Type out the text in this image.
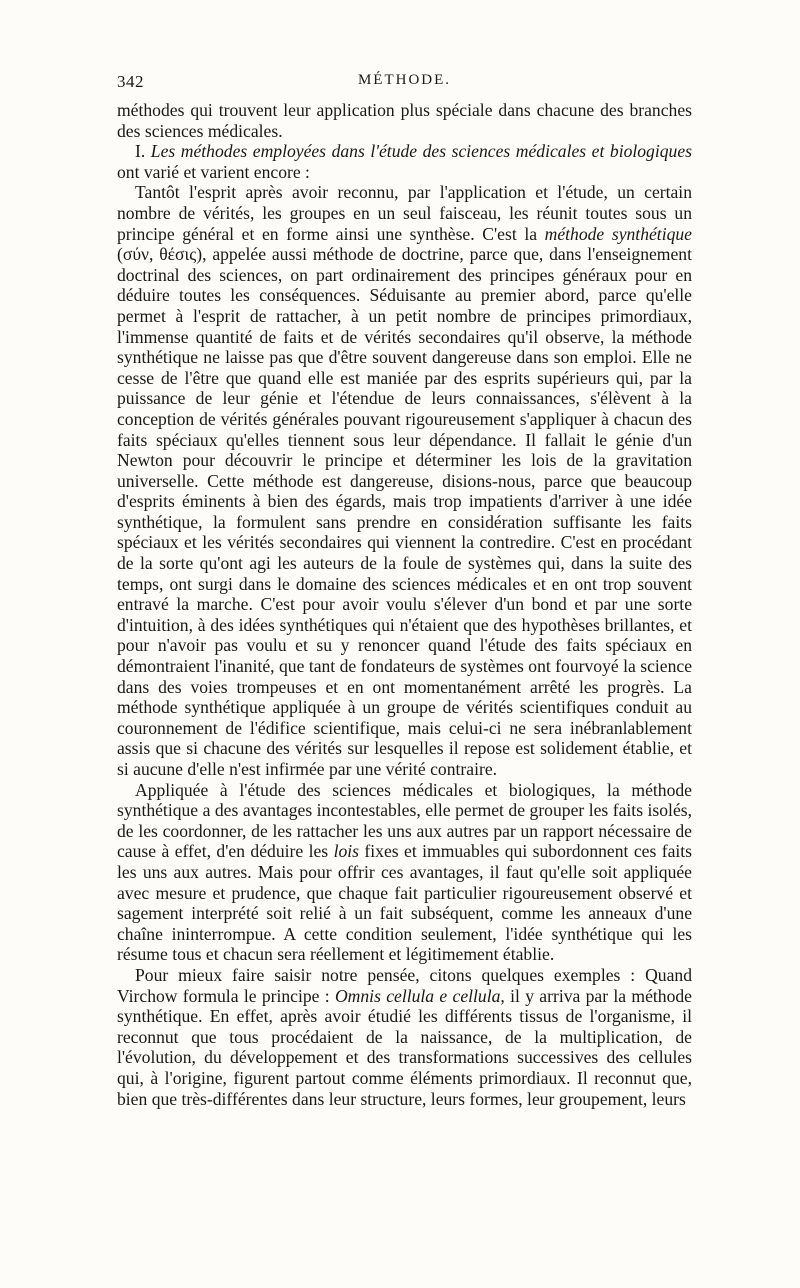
342	MÉTHODE.

méthodes qui trouvent leur application plus spéciale dans chacune des branches des sciences médicales.

I. Les méthodes employées dans l'étude des sciences médicales et biologiques ont varié et varient encore :

Tantôt l'esprit après avoir reconnu, par l'application et l'étude, un certain nombre de vérités, les groupes en un seul faisceau, les réunit toutes sous un principe général et en forme ainsi une synthèse. C'est la méthode synthétique (σύν, θέσις), appelée aussi méthode de doctrine, parce que, dans l'enseignement doctrinal des sciences, on part ordinairement des principes généraux pour en déduire toutes les conséquences. Séduisante au premier abord, parce qu'elle permet à l'esprit de rattacher, à un petit nombre de principes primordiaux, l'immense quantité de faits et de vérités secondaires qu'il observe, la méthode synthétique ne laisse pas que d'être souvent dangereuse dans son emploi. Elle ne cesse de l'être que quand elle est maniée par des esprits supérieurs qui, par la puissance de leur génie et l'étendue de leurs connaissances, s'élèvent à la conception de vérités générales pouvant rigoureusement s'appliquer à chacun des faits spéciaux qu'elles tiennent sous leur dépendance. Il fallait le génie d'un Newton pour découvrir le principe et déterminer les lois de la gravitation universelle. Cette méthode est dangereuse, disions-nous, parce que beaucoup d'esprits éminents à bien des égards, mais trop impatients d'arriver à une idée synthétique, la formulent sans prendre en considération suffisante les faits spéciaux et les vérités secondaires qui viennent la contredire. C'est en procédant de la sorte qu'ont agi les auteurs de la foule de systèmes qui, dans la suite des temps, ont surgi dans le domaine des sciences médicales et en ont trop souvent entravé la marche. C'est pour avoir voulu s'élever d'un bond et par une sorte d'intuition, à des idées synthétiques qui n'étaient que des hypothèses brillantes, et pour n'avoir pas voulu et su y renoncer quand l'étude des faits spéciaux en démontraient l'inanité, que tant de fondateurs de systèmes ont fourvoyé la science dans des voies trompeuses et en ont momentanément arrêté les progrès. La méthode synthétique appliquée à un groupe de vérités scientifiques conduit au couronnement de l'édifice scientifique, mais celui-ci ne sera inébranlablement assis que si chacune des vérités sur lesquelles il repose est solidement établie, et si aucune d'elle n'est infirmée par une vérité contraire.

Appliquée à l'étude des sciences médicales et biologiques, la méthode synthétique a des avantages incontestables, elle permet de grouper les faits isolés, de les coordonner, de les rattacher les uns aux autres par un rapport nécessaire de cause à effet, d'en déduire les lois fixes et immuables qui subordonnent ces faits les uns aux autres. Mais pour offrir ces avantages, il faut qu'elle soit appliquée avec mesure et prudence, que chaque fait particulier rigoureusement observé et sagement interprété soit relié à un fait subséquent, comme les anneaux d'une chaîne ininterrompue. A cette condition seulement, l'idée synthétique qui les résume tous et chacun sera réellement et légitimement établie.

Pour mieux faire saisir notre pensée, citons quelques exemples : Quand Virchow formula le principe : Omnis cellula e cellula, il y arriva par la méthode synthétique. En effet, après avoir étudié les différents tissus de l'organisme, il reconnut que tous procédaient de la naissance, de la multiplication, de l'évolution, du développement et des transformations successives des cellules qui, à l'origine, figurent partout comme éléments primordiaux. Il reconnut que, bien que très-différentes dans leur structure, leurs formes, leur groupement, leurs
